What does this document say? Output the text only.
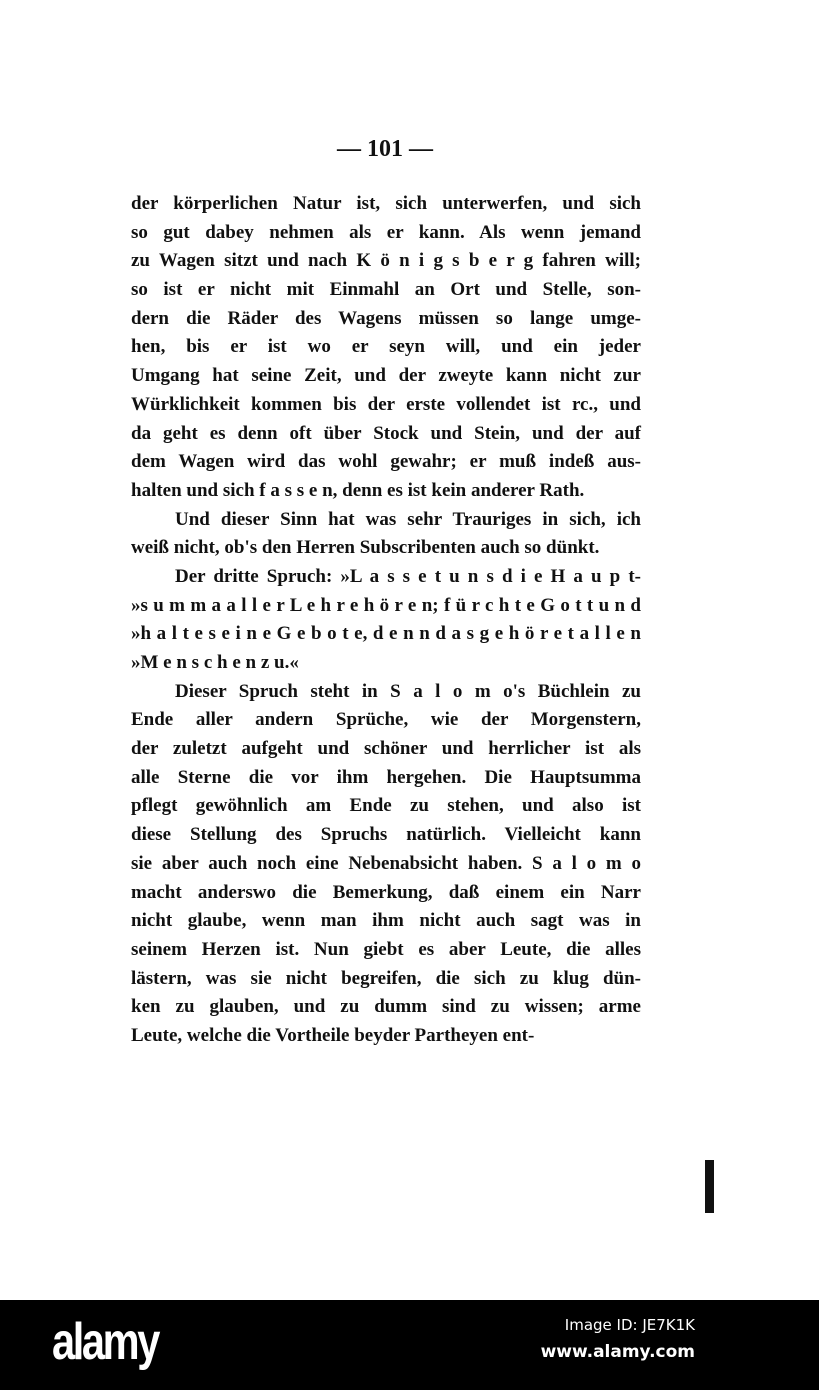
— 101 —
der körperlichen Natur ist, sich unterwerfen, und sich
so gut dabey nehmen als er kann. Als wenn jemand
zu Wagen sitzt und nach K ö n i g s b e r g fahren will;
so ist er nicht mit Einmahl an Ort und Stelle, son-
dern die Räder des Wagens müssen so lange umge-
hen, bis er ist wo er seyn will, und ein jeder
Umgang hat seine Zeit, und der zweyte kann nicht zur
Würklichkeit kommen bis der erste vollendet ist rc., und
da geht es denn oft über Stock und Stein, und der auf
dem Wagen wird das wohl gewahr; er muß indeß aus-
halten und sich f a s s e n, denn es ist kein anderer Rath.
Und dieser Sinn hat was sehr Trauriges in sich, ich
weiß nicht, ob's den Herren Subscribenten auch so dünkt.
Der dritte Spruch: »L a s s e t u n s d i e H a u p t-
»s u m m a a l l e r L e h r e h ö r e n; f ü r c h t e G o t t u n d
»h a l t e s e i n e G e b o t e, d e n n d a s g e h ö r e t a l l e n
»M e n s c h e n z u.«
Dieser Spruch steht in S a l o m o's Büchlein zu
Ende aller andern Sprüche, wie der Morgenstern,
der zuletzt aufgeht und schöner und herrlicher ist als
alle Sterne die vor ihm hergehen. Die Hauptsumma
pflegt gewöhnlich am Ende zu stehen, und also ist
diese Stellung des Spruchs natürlich. Vielleicht kann
sie aber auch noch eine Nebenabsicht haben. S a l o m o
macht anderswo die Bemerkung, daß einem ein Narr
nicht glaube, wenn man ihm nicht auch sagt was in
seinem Herzen ist. Nun giebt es aber Leute, die alles
lästern, was sie nicht begreifen, die sich zu klug dün-
ken zu glauben, und zu dumm sind zu wissen; arme
Leute, welche die Vortheile beyder Partheyen ent-
alamy	Image ID: JE7K1K
www.alamy.com
